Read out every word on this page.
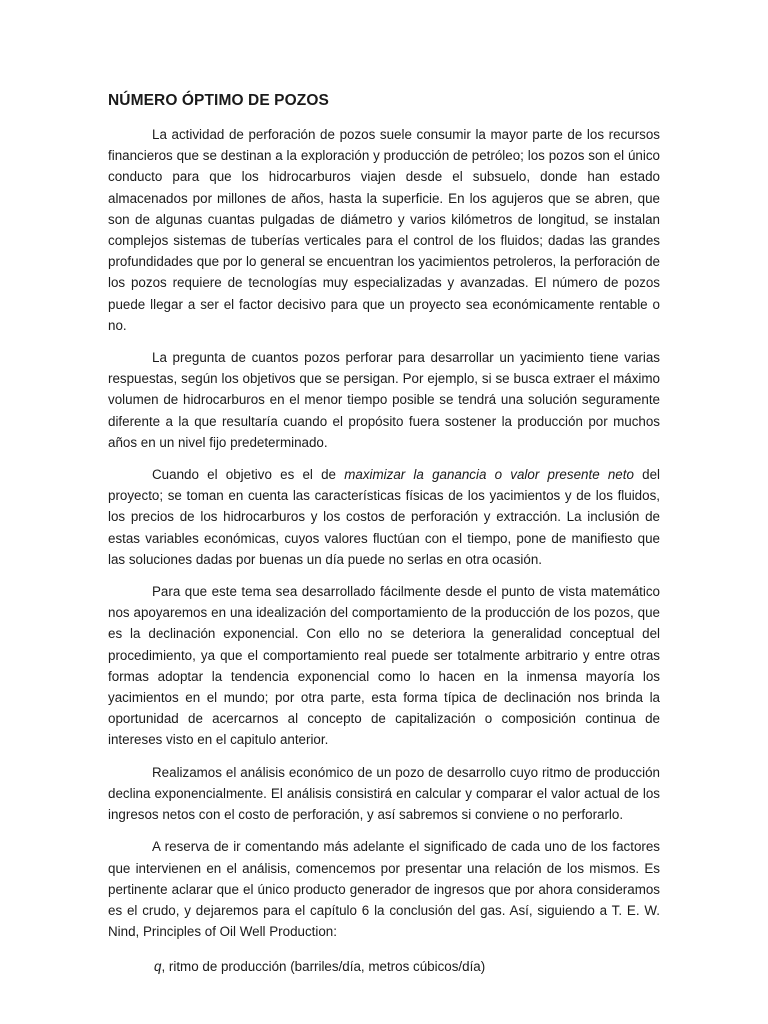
NÚMERO ÓPTIMO DE POZOS

La actividad de perforación de pozos suele consumir la mayor parte de los recursos financieros que se destinan a la exploración y producción de petróleo; los pozos son el único conducto para que los hidrocarburos viajen desde el subsuelo, donde han estado almacenados por millones de años, hasta la superficie. En los agujeros que se abren, que son de algunas cuantas pulgadas de diámetro y varios kilómetros de longitud, se instalan complejos sistemas de tuberías verticales para el control de los fluidos; dadas las grandes profundidades que por lo general se encuentran los yacimientos petroleros, la perforación de los pozos requiere de tecnologías muy especializadas y avanzadas. El número de pozos puede llegar a ser el factor decisivo para que un proyecto sea económicamente rentable o no.

La pregunta de cuantos pozos perforar para desarrollar un yacimiento tiene varias respuestas, según los objetivos que se persigan. Por ejemplo, si se busca extraer el máximo volumen de hidrocarburos en el menor tiempo posible se tendrá una solución seguramente diferente a la que resultaría cuando el propósito fuera sostener la producción por muchos años en un nivel fijo predeterminado.

Cuando el objetivo es el de maximizar la ganancia o valor presente neto del proyecto; se toman en cuenta las características físicas de los yacimientos y de los fluidos, los precios de los hidrocarburos y los costos de perforación y extracción. La inclusión de estas variables económicas, cuyos valores fluctúan con el tiempo, pone de manifiesto que las soluciones dadas por buenas un día puede no serlas en otra ocasión.

Para que este tema sea desarrollado fácilmente desde el punto de vista matemático nos apoyaremos en una idealización del comportamiento de la producción de los pozos, que es la declinación exponencial. Con ello no se deteriora la generalidad conceptual del procedimiento, ya que el comportamiento real puede ser totalmente arbitrario y entre otras formas adoptar la tendencia exponencial como lo hacen en la inmensa mayoría los yacimientos en el mundo; por otra parte, esta forma típica de declinación nos brinda la oportunidad de acercarnos al concepto de capitalización o composición continua de intereses visto en el capitulo anterior.

Realizamos el análisis económico de un pozo de desarrollo cuyo ritmo de producción declina exponencialmente. El análisis consistirá en calcular y comparar el valor actual de los ingresos netos con el costo de perforación, y así sabremos si conviene o no perforarlo.

A reserva de ir comentando más adelante el significado de cada uno de los factores que intervienen en el análisis, comencemos por presentar una relación de los mismos. Es pertinente aclarar que el único producto generador de ingresos que por ahora consideramos es el crudo, y dejaremos para el capítulo 6 la conclusión del gas. Así, siguiendo a T. E. W. Nind, Principles of Oil Well Production:

q, ritmo de producción (barriles/día, metros cúbicos/día)
